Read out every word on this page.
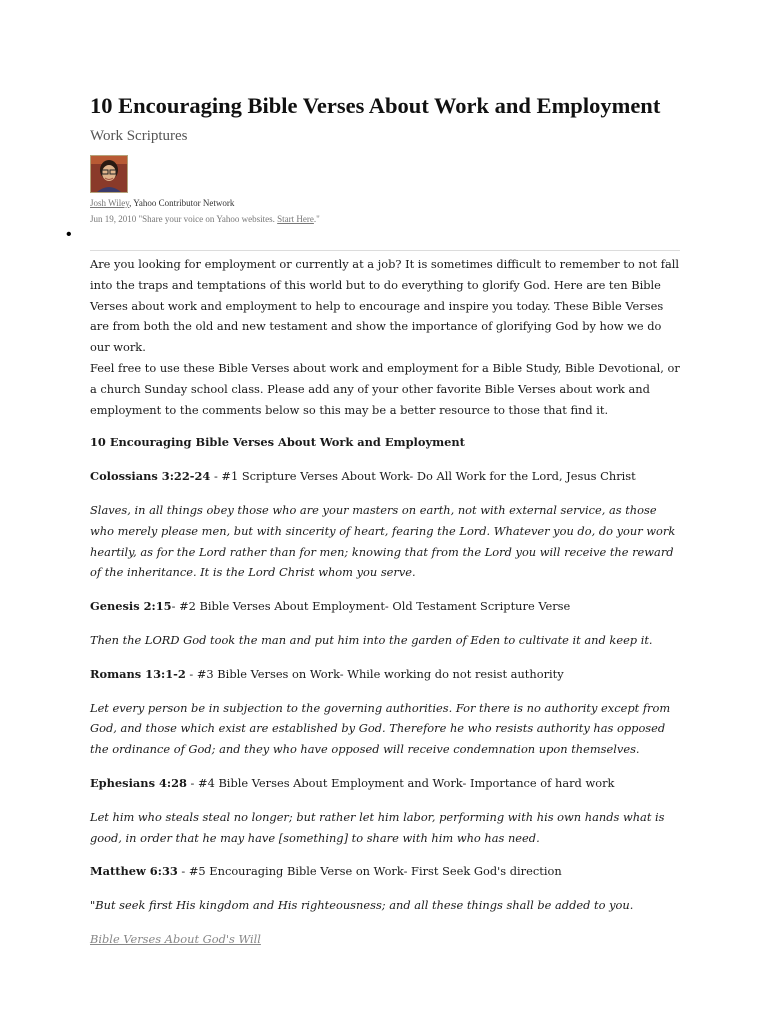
10 Encouraging Bible Verses About Work and Employment
Work Scriptures
Josh Wiley, Yahoo Contributor Network
Jun 19, 2010 "Share your voice on Yahoo websites. Start Here."
•

Are you looking for employment or currently at a job? It is sometimes difficult to remember to not fall into the traps and temptations of this world but to do everything to glorify God. Here are ten Bible Verses about work and employment to help to encourage and inspire you today. These Bible Verses are from both the old and new testament and show the importance of glorifying God by how we do our work.

Feel free to use these Bible Verses about work and employment for a Bible Study, Bible Devotional, or a church Sunday school class. Please add any of your other favorite Bible Verses about work and employment to the comments below so this may be a better resource to those that find it.

10 Encouraging Bible Verses About Work and Employment

Colossians 3:22-24 - #1 Scripture Verses About Work- Do All Work for the Lord, Jesus Christ

Slaves, in all things obey those who are your masters on earth, not with external service, as those who merely please men, but with sincerity of heart, fearing the Lord. Whatever you do, do your work heartily, as for the Lord rather than for men; knowing that from the Lord you will receive the reward of the inheritance. It is the Lord Christ whom you serve.

Genesis 2:15- #2 Bible Verses About Employment- Old Testament Scripture Verse

Then the LORD God took the man and put him into the garden of Eden to cultivate it and keep it.

Romans 13:1-2 - #3 Bible Verses on Work- While working do not resist authority

Let every person be in subjection to the governing authorities. For there is no authority except from God, and those which exist are established by God. Therefore he who resists authority has opposed the ordinance of God; and they who have opposed will receive condemnation upon themselves.

Ephesians 4:28 - #4 Bible Verses About Employment and Work- Importance of hard work

Let him who steals steal no longer; but rather let him labor, performing with his own hands what is good, in order that he may have [something] to share with him who has need.

Matthew 6:33 - #5 Encouraging Bible Verse on Work- First Seek God's direction

"But seek first His kingdom and His righteousness; and all these things shall be added to you.

Bible Verses About God's Will
